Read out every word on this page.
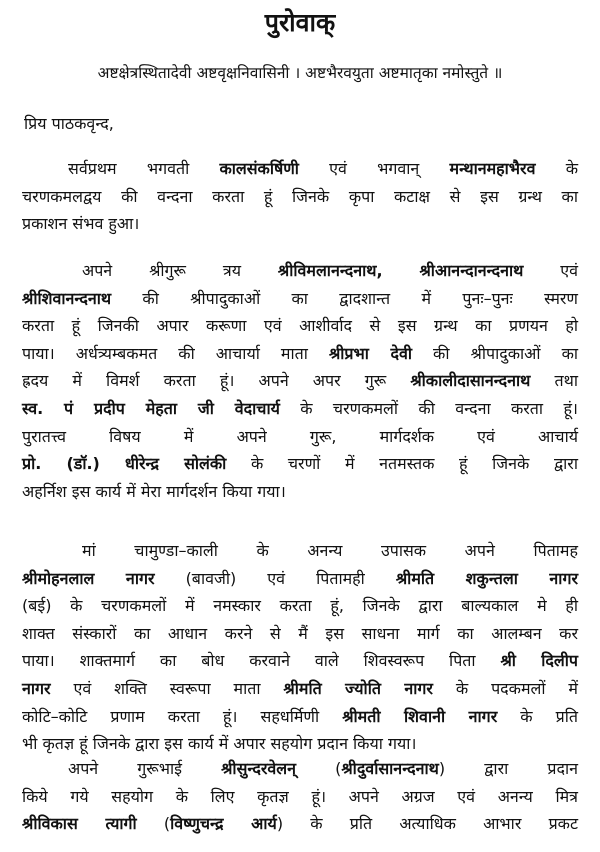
पुरोवाक्
अष्टक्षेत्रस्थितादेवी अष्टवृक्षनिवासिनी । अष्टभैरवयुता अष्टमातृका नमोस्तुते ॥
प्रिय पाठकवृन्द,
सर्वप्रथम भगवती कालसंकर्षिणी एवं भगवान् मन्थानमहाभैरव के
चरणकमलद्वय की वन्दना करता हूं जिनके कृपा कटाक्ष से इस ग्रन्थ का
प्रकाशन संभव हुआ।
अपने श्रीगुरू त्रय श्रीविमलानन्दनाथ, श्रीआनन्दानन्दनाथ एवं
श्रीशिवानन्दनाथ की श्रीपादुकाओं का द्वादशान्त में पुनः–पुनः स्मरण
करता हूं जिनकी अपार करूणा एवं आशीर्वाद से इस ग्रन्थ का प्रणयन हो
पाया। अर्धत्र्यम्बकमत की आचार्या माता श्रीप्रभा देवी की श्रीपादुकाओं का
ह्रदय में विमर्श करता हूं। अपने अपर गुरू श्रीकालीदासानन्दनाथ तथा
स्व. पं प्रदीप मेहता जी वेदाचार्य के चरणकमलों की वन्दना करता हूं।
पुरातत्त्व विषय में अपने गुरू, मार्गदर्शक एवं आचार्य
प्रो. (डॉ.) धीरेन्द्र सोलंकी के चरणों में नतमस्तक हूं जिनके द्वारा
अहर्निश इस कार्य में मेरा मार्गदर्शन किया गया।
मां चामुण्डा–काली के अनन्य उपासक अपने पितामह
श्रीमोहनलाल नागर (बावजी) एवं पितामही श्रीमति शकुन्तला नागर
(बई) के चरणकमलों में नमस्कार करता हूं, जिनके द्वारा बाल्यकाल मे ही
शाक्त संस्कारों का आधान करने से मैं इस साधना मार्ग का आलम्बन कर
पाया। शाक्तमार्ग का बोध करवाने वाले शिवस्वरूप पिता श्री दिलीप
नागर एवं शक्ति स्वरूपा माता श्रीमति ज्योति नागर के पदकमलों में
कोटि–कोटि प्रणाम करता हूं। सहधर्मिणी श्रीमती शिवानी नागर के प्रति
भी कृतज्ञ हूं जिनके द्वारा इस कार्य में अपार सहयोग प्रदान किया गया।
अपने गुरूभाई श्रीसुन्दरवेलन् (श्रीदुर्वासानन्दनाथ) द्वारा प्रदान
किये गये सहयोग के लिए कृतज्ञ हूं। अपने अग्रज एवं अनन्य मित्र
श्रीविकास त्यागी (विष्णुचन्द्र आर्य) के प्रति अत्याधिक आभार प्रकट
